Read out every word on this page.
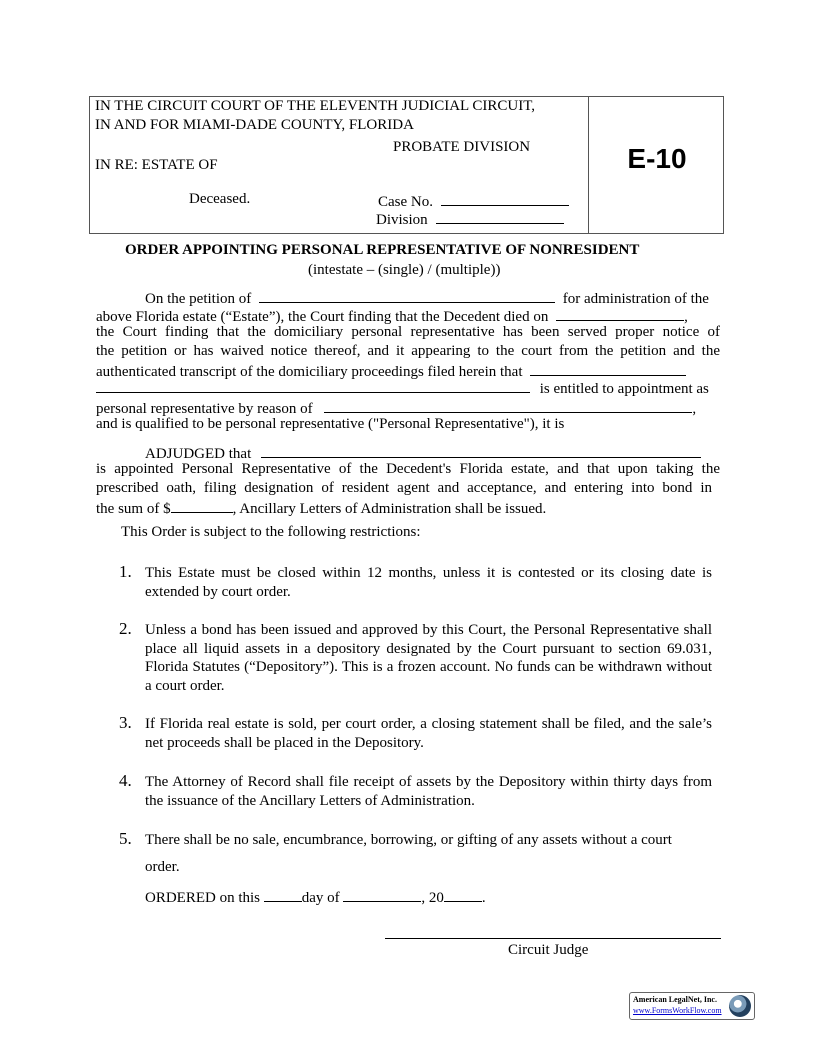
IN THE CIRCUIT COURT OF THE ELEVENTH JUDICIAL CIRCUIT,
IN AND FOR MIAMI-DADE COUNTY, FLORIDA
PROBATE DIVISION
IN RE: ESTATE OF
Deceased.	Case No.
Division
E-10
ORDER APPOINTING PERSONAL REPRESENTATIVE OF NONRESIDENT
(intestate – (single) / (multiple))
On the petition of	for administration of the
above Florida estate (“Estate”), the Court finding that the Decedent died on	,
the Court finding that the domiciliary personal representative has been served proper notice of
the petition or has waived notice thereof, and it appearing to the court from the petition and the
authenticated transcript of the domiciliary proceedings filed herein that
is entitled to appointment as
personal representative by reason of	,
and is qualified to be personal representative ("Personal Representative"), it is
ADJUDGED that
is appointed Personal Representative of the Decedent's Florida estate, and that upon taking the
prescribed oath, filing designation of resident agent and acceptance, and entering into bond in
the sum of $	, Ancillary Letters of Administration shall be issued.
This Order is subject to the following restrictions:
1. This Estate must be closed within 12 months, unless it is contested or its closing date is extended by court order.
2. Unless a bond has been issued and approved by this Court, the Personal Representative shall place all liquid assets in a depository designated by the Court pursuant to section 69.031, Florida Statutes (“Depository”). This is a frozen account. No funds can be withdrawn without a court order.
3. If Florida real estate is sold, per court order, a closing statement shall be filed, and the sale’s net proceeds shall be placed in the Depository.
4. The Attorney of Record shall file receipt of assets by the Depository within thirty days from the issuance of the Ancillary Letters of Administration.
5. There shall be no sale, encumbrance, borrowing, or gifting of any assets without a court
order.
ORDERED on this	day of	, 20	.
Circuit Judge
American LegalNet, Inc.
www.FormsWorkFlow.com
